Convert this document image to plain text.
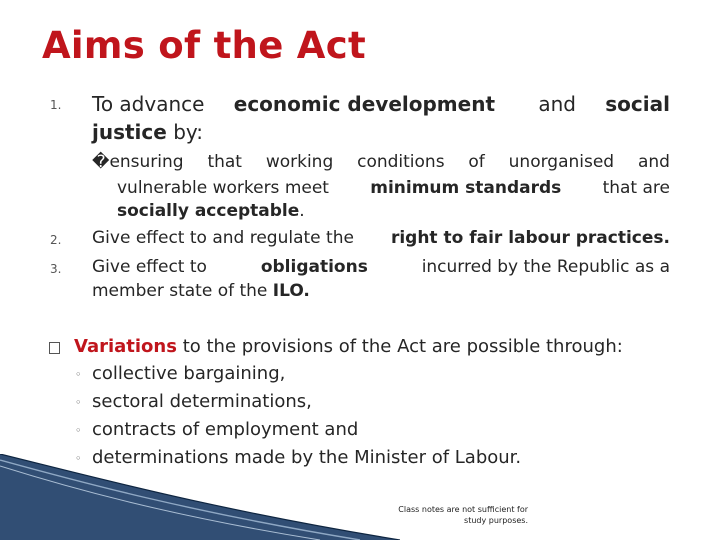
Aims of the Act
1. To advance economic development	and social
justice by:
�ensuring that working conditions of unorganised and
vulnerable workers meet minimum standards that are
socially acceptable.
2. Give effect to and regulate the right to fair labour practices.
3. Give effect to	obligations	incurred by the Republic as a
member state of the ILO.
Variations to the provisions of the Act are possible through:
◦ collective bargaining,
◦ sectoral determinations,
◦ contracts of employment and
◦ determinations made by the Minister of Labour.
Class notes are not sufficient for
study purposes.
